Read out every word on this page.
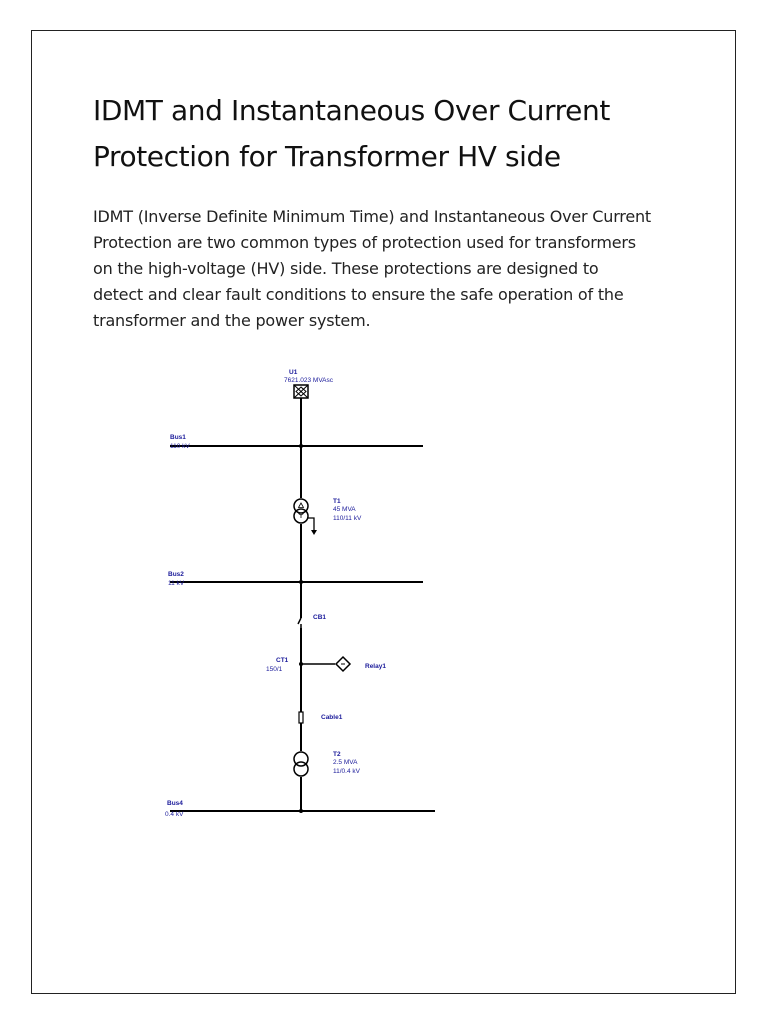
IDMT and Instantaneous Over Current Protection for Transformer HV side

IDMT (Inverse Definite Minimum Time) and Instantaneous Over Current Protection are two common types of protection used for transformers on the high-voltage (HV) side. These protections are designed to detect and clear fault conditions to ensure the safe operation of the transformer and the power system.

U1
7621.023 MVAsc
Bus1
110 kV
T1
45 MVA
110/11 kV
Bus2
11 kV
CB1
CT1
150/1	Relay1
Cable1
T2
2.5 MVA
11/0.4 kV
Bus4
0.4 kV
